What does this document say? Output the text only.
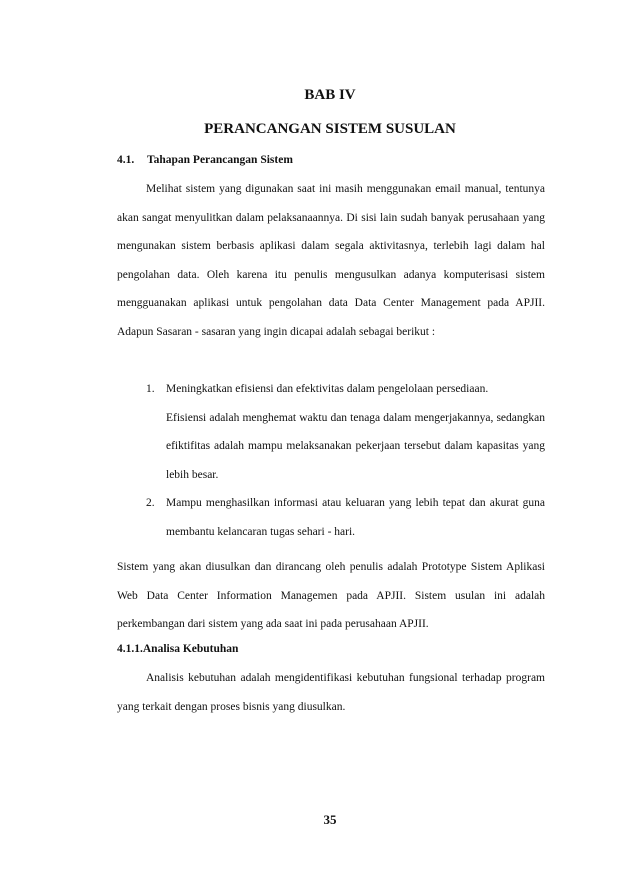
BAB IV
PERANCANGAN SISTEM SUSULAN
4.1. Tahapan Perancangan Sistem

Melihat sistem yang digunakan saat ini masih menggunakan email manual, tentunya akan sangat menyulitkan dalam pelaksanaannya. Di sisi lain sudah banyak perusahaan yang mengunakan sistem berbasis aplikasi dalam segala aktivitasnya, terlebih lagi dalam hal pengolahan data. Oleh karena itu penulis mengusulkan adanya komputerisasi sistem mengguanakan aplikasi untuk pengolahan data Data Center Management pada APJII. Adapun Sasaran - sasaran yang ingin dicapai adalah sebagai berikut :

1. Meningkatkan efisiensi dan efektivitas dalam pengelolaan persediaan.
Efisiensi adalah menghemat waktu dan tenaga dalam mengerjakannya, sedangkan efiktifitas adalah mampu melaksanakan pekerjaan tersebut dalam kapasitas yang lebih besar.
2. Mampu menghasilkan informasi atau keluaran yang lebih tepat dan akurat guna membantu kelancaran tugas sehari - hari.

Sistem yang akan diusulkan dan dirancang oleh penulis adalah Prototype Sistem Aplikasi Web Data Center Information Managemen pada APJII. Sistem usulan ini adalah perkembangan dari sistem yang ada saat ini pada perusahaan APJII.

4.1.1.Analisa Kebutuhan

Analisis kebutuhan adalah mengidentifikasi kebutuhan fungsional terhadap program yang terkait dengan proses bisnis yang diusulkan.

35
